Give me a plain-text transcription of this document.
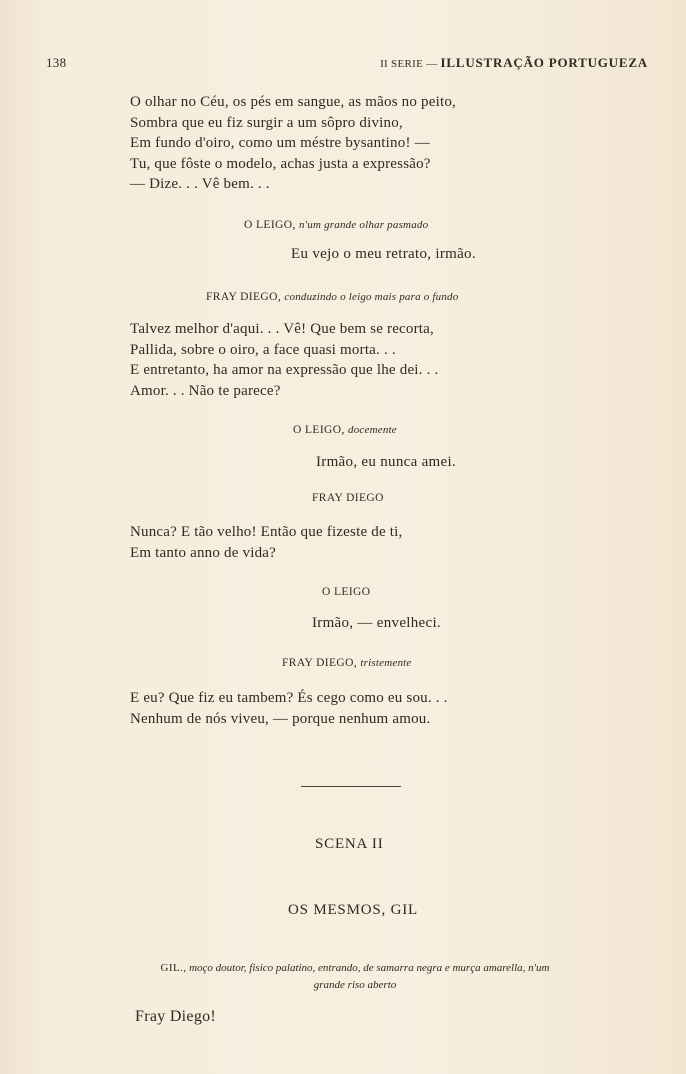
138	II SERIE — ILLUSTRAÇÃO PORTUGUEZA
O olhar no Céu, os pés em sangue, as mãos no peito,
Sombra que eu fiz surgir a um sôpro divino,
Em fundo d'oiro, como um méstre bysantino! —
Tu, que fôste o modelo, achas justa a expressão?
— Dize. . . Vê bem. . .
O LEIGO, n'um grande olhar pasmado
Eu vejo o meu retrato, irmão.
FRAY DIEGO, conduzindo o leigo mais para o fundo
Talvez melhor d'aqui. . . Vê! Que bem se recorta,
Pallida, sobre o oiro, a face quasi morta. . .
E entretanto, ha amor na expressão que lhe dei. . .
Amor. . . Não te parece?
O LEIGO, docemente
Irmão, eu nunca amei.
FRAY DIEGO
Nunca? E tão velho! Então que fizeste de ti,
Em tanto anno de vida?
O LEIGO
Irmão, — envelheci.
FRAY DIEGO, tristemente
E eu? Que fiz eu tambem? És cego como eu sou. . .
Nenhum de nós viveu, — porque nenhum amou.
SCENA II
OS MESMOS, GIL
GIL., moço doutor, fisico palatino, entrando, de samarra negra e murça amarella, n'um grande riso aberto
Fray Diego!
